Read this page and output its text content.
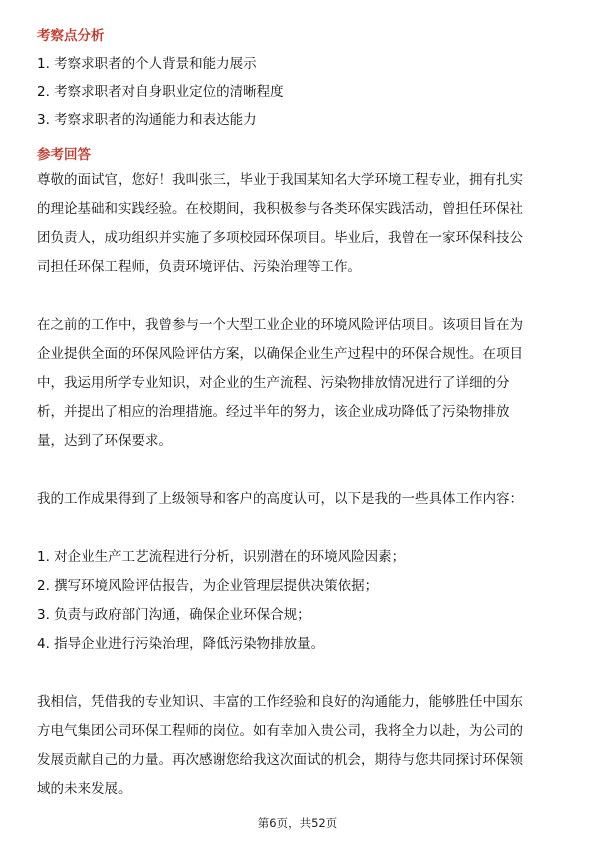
考察点分析
1. 考察求职者的个人背景和能力展示
2. 考察求职者对自身职业定位的清晰程度
3. 考察求职者的沟通能力和表达能力
参考回答
尊敬的面试官，您好！我叫张三，毕业于我国某知名大学环境工程专业，拥有扎实
的理论基础和实践经验。在校期间，我积极参与各类环保实践活动，曾担任环保社
团负责人，成功组织并实施了多项校园环保项目。毕业后，我曾在一家环保科技公
司担任环保工程师，负责环境评估、污染治理等工作。
在之前的工作中，我曾参与一个大型工业企业的环境风险评估项目。该项目旨在为
企业提供全面的环保风险评估方案，以确保企业生产过程中的环保合规性。在项目
中，我运用所学专业知识，对企业的生产流程、污染物排放情况进行了详细的分
析，并提出了相应的治理措施。经过半年的努力，该企业成功降低了污染物排放
量，达到了环保要求。
我的工作成果得到了上级领导和客户的高度认可，以下是我的一些具体工作内容：
1. 对企业生产工艺流程进行分析，识别潜在的环境风险因素；
2. 撰写环境风险评估报告，为企业管理层提供决策依据；
3. 负责与政府部门沟通，确保企业环保合规；
4. 指导企业进行污染治理，降低污染物排放量。
我相信，凭借我的专业知识、丰富的工作经验和良好的沟通能力，能够胜任中国东
方电气集团公司环保工程师的岗位。如有幸加入贵公司，我将全力以赴，为公司的
发展贡献自己的力量。再次感谢您给我这次面试的机会，期待与您共同探讨环保领
域的未来发展。
第6页，共52页
